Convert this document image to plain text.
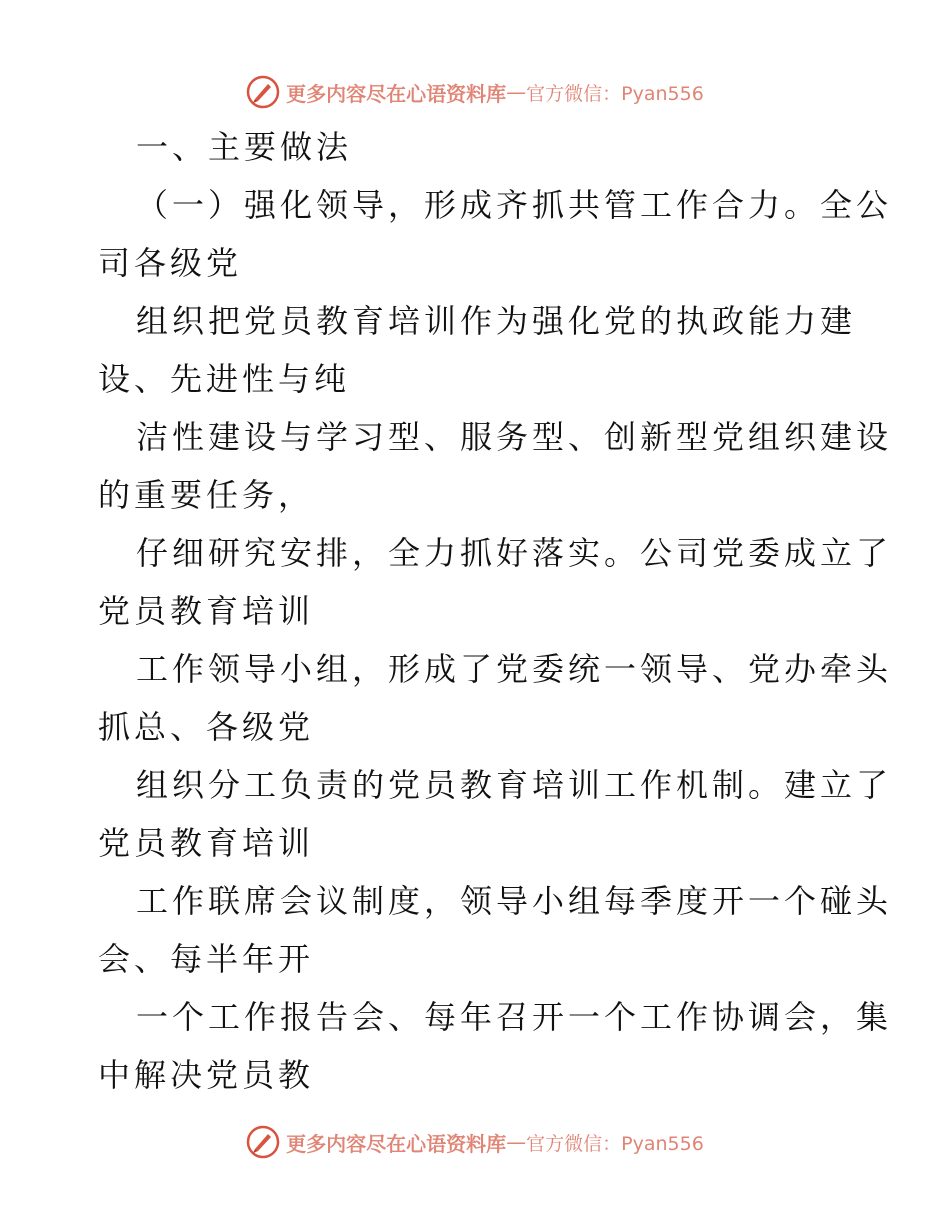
更多内容尽在心语资料库 — 官方微信：Pyan556
一、主要做法
（一）强化领导，形成齐抓共管工作合力。全公
司各级党
组织把党员教育培训作为强化党的执政能力建
设、先进性与纯
洁性建设与学习型、服务型、创新型党组织建设
的重要任务，
仔细研究安排，全力抓好落实。公司党委成立了
党员教育培训
工作领导小组，形成了党委统一领导、党办牵头
抓总、各级党
组织分工负责的党员教育培训工作机制。建立了
党员教育培训
工作联席会议制度，领导小组每季度开一个碰头
会、每半年开
一个工作报告会、每年召开一个工作协调会，集
中解决党员教
更多内容尽在心语资料库 — 官方微信：Pyan556
